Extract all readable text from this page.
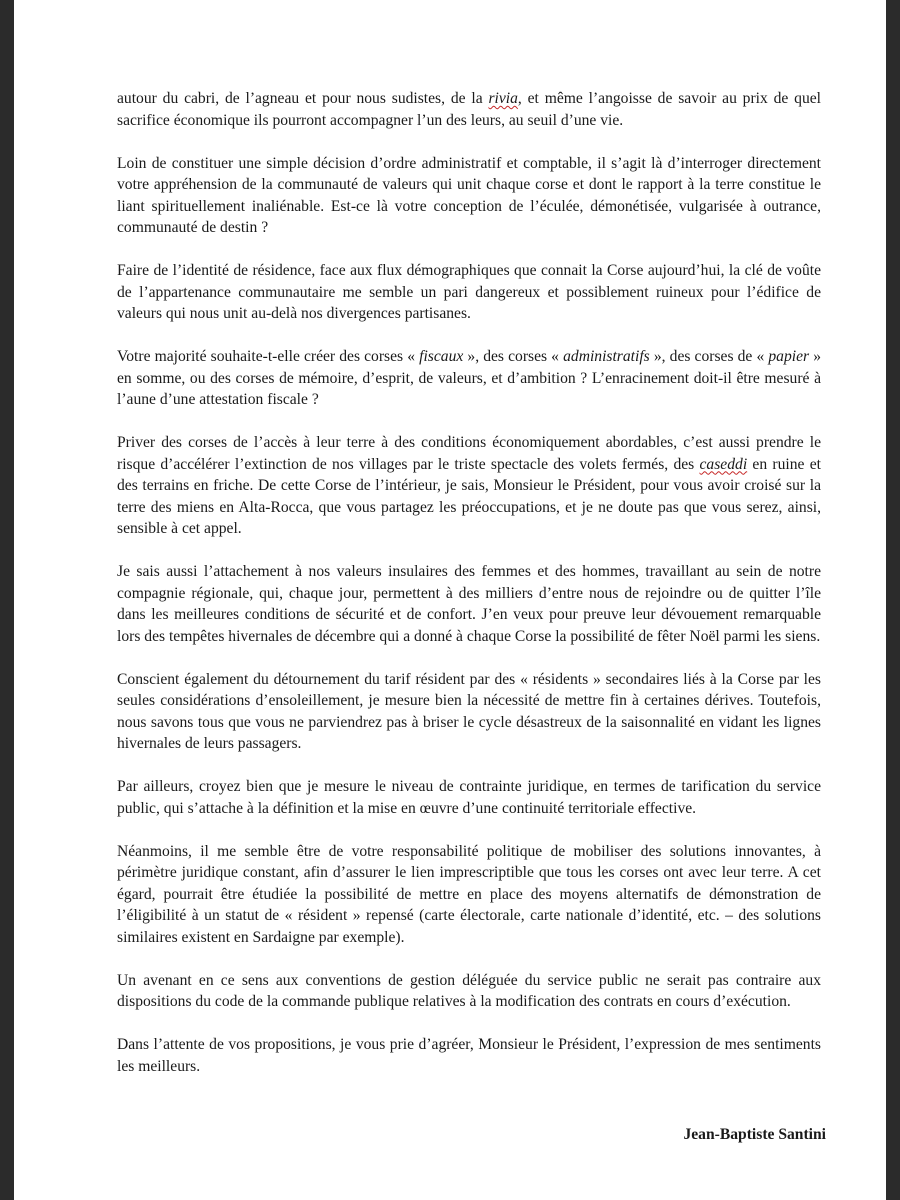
autour du cabri, de l’agneau et pour nous sudistes, de la rivia, et même l’angoisse de savoir au prix de quel sacrifice économique ils pourront accompagner l’un des leurs, au seuil d’une vie.

Loin de constituer une simple décision d’ordre administratif et comptable, il s’agit là d’interroger directement votre appréhension de la communauté de valeurs qui unit chaque corse et dont le rapport à la terre constitue le liant spirituellement inaliénable. Est-ce là votre conception de l’éculée, démonétisée, vulgarisée à outrance, communauté de destin ?

Faire de l’identité de résidence, face aux flux démographiques que connait la Corse aujourd’hui, la clé de voûte de l’appartenance communautaire me semble un pari dangereux et possiblement ruineux pour l’édifice de valeurs qui nous unit au-delà nos divergences partisanes.

Votre majorité souhaite-t-elle créer des corses « fiscaux », des corses « administratifs », des corses de « papier » en somme, ou des corses de mémoire, d’esprit, de valeurs, et d’ambition ? L’enracinement doit-il être mesuré à l’aune d’une attestation fiscale ?

Priver des corses de l’accès à leur terre à des conditions économiquement abordables, c’est aussi prendre le risque d’accélérer l’extinction de nos villages par le triste spectacle des volets fermés, des caseddi en ruine et des terrains en friche. De cette Corse de l’intérieur, je sais, Monsieur le Président, pour vous avoir croisé sur la terre des miens en Alta-Rocca, que vous partagez les préoccupations, et je ne doute pas que vous serez, ainsi, sensible à cet appel.

Je sais aussi l’attachement à nos valeurs insulaires des femmes et des hommes, travaillant au sein de notre compagnie régionale, qui, chaque jour, permettent à des milliers d’entre nous de rejoindre ou de quitter l’île dans les meilleures conditions de sécurité et de confort. J’en veux pour preuve leur dévouement remarquable lors des tempêtes hivernales de décembre qui a donné à chaque Corse la possibilité de fêter Noël parmi les siens.

Conscient également du détournement du tarif résident par des « résidents » secondaires liés à la Corse par les seules considérations d’ensoleillement, je mesure bien la nécessité de mettre fin à certaines dérives. Toutefois, nous savons tous que vous ne parviendrez pas à briser le cycle désastreux de la saisonnalité en vidant les lignes hivernales de leurs passagers.

Par ailleurs, croyez bien que je mesure le niveau de contrainte juridique, en termes de tarification du service public, qui s’attache à la définition et la mise en œuvre d’une continuité territoriale effective.

Néanmoins, il me semble être de votre responsabilité politique de mobiliser des solutions innovantes, à périmètre juridique constant, afin d’assurer le lien imprescriptible que tous les corses ont avec leur terre. A cet égard, pourrait être étudiée la possibilité de mettre en place des moyens alternatifs de démonstration de l’éligibilité à un statut de « résident » repensé (carte électorale, carte nationale d’identité, etc. – des solutions similaires existent en Sardaigne par exemple).

Un avenant en ce sens aux conventions de gestion déléguée du service public ne serait pas contraire aux dispositions du code de la commande publique relatives à la modification des contrats en cours d’exécution.

Dans l’attente de vos propositions, je vous prie d’agréer, Monsieur le Président, l’expression de mes sentiments les meilleurs.

Jean-Baptiste Santini
